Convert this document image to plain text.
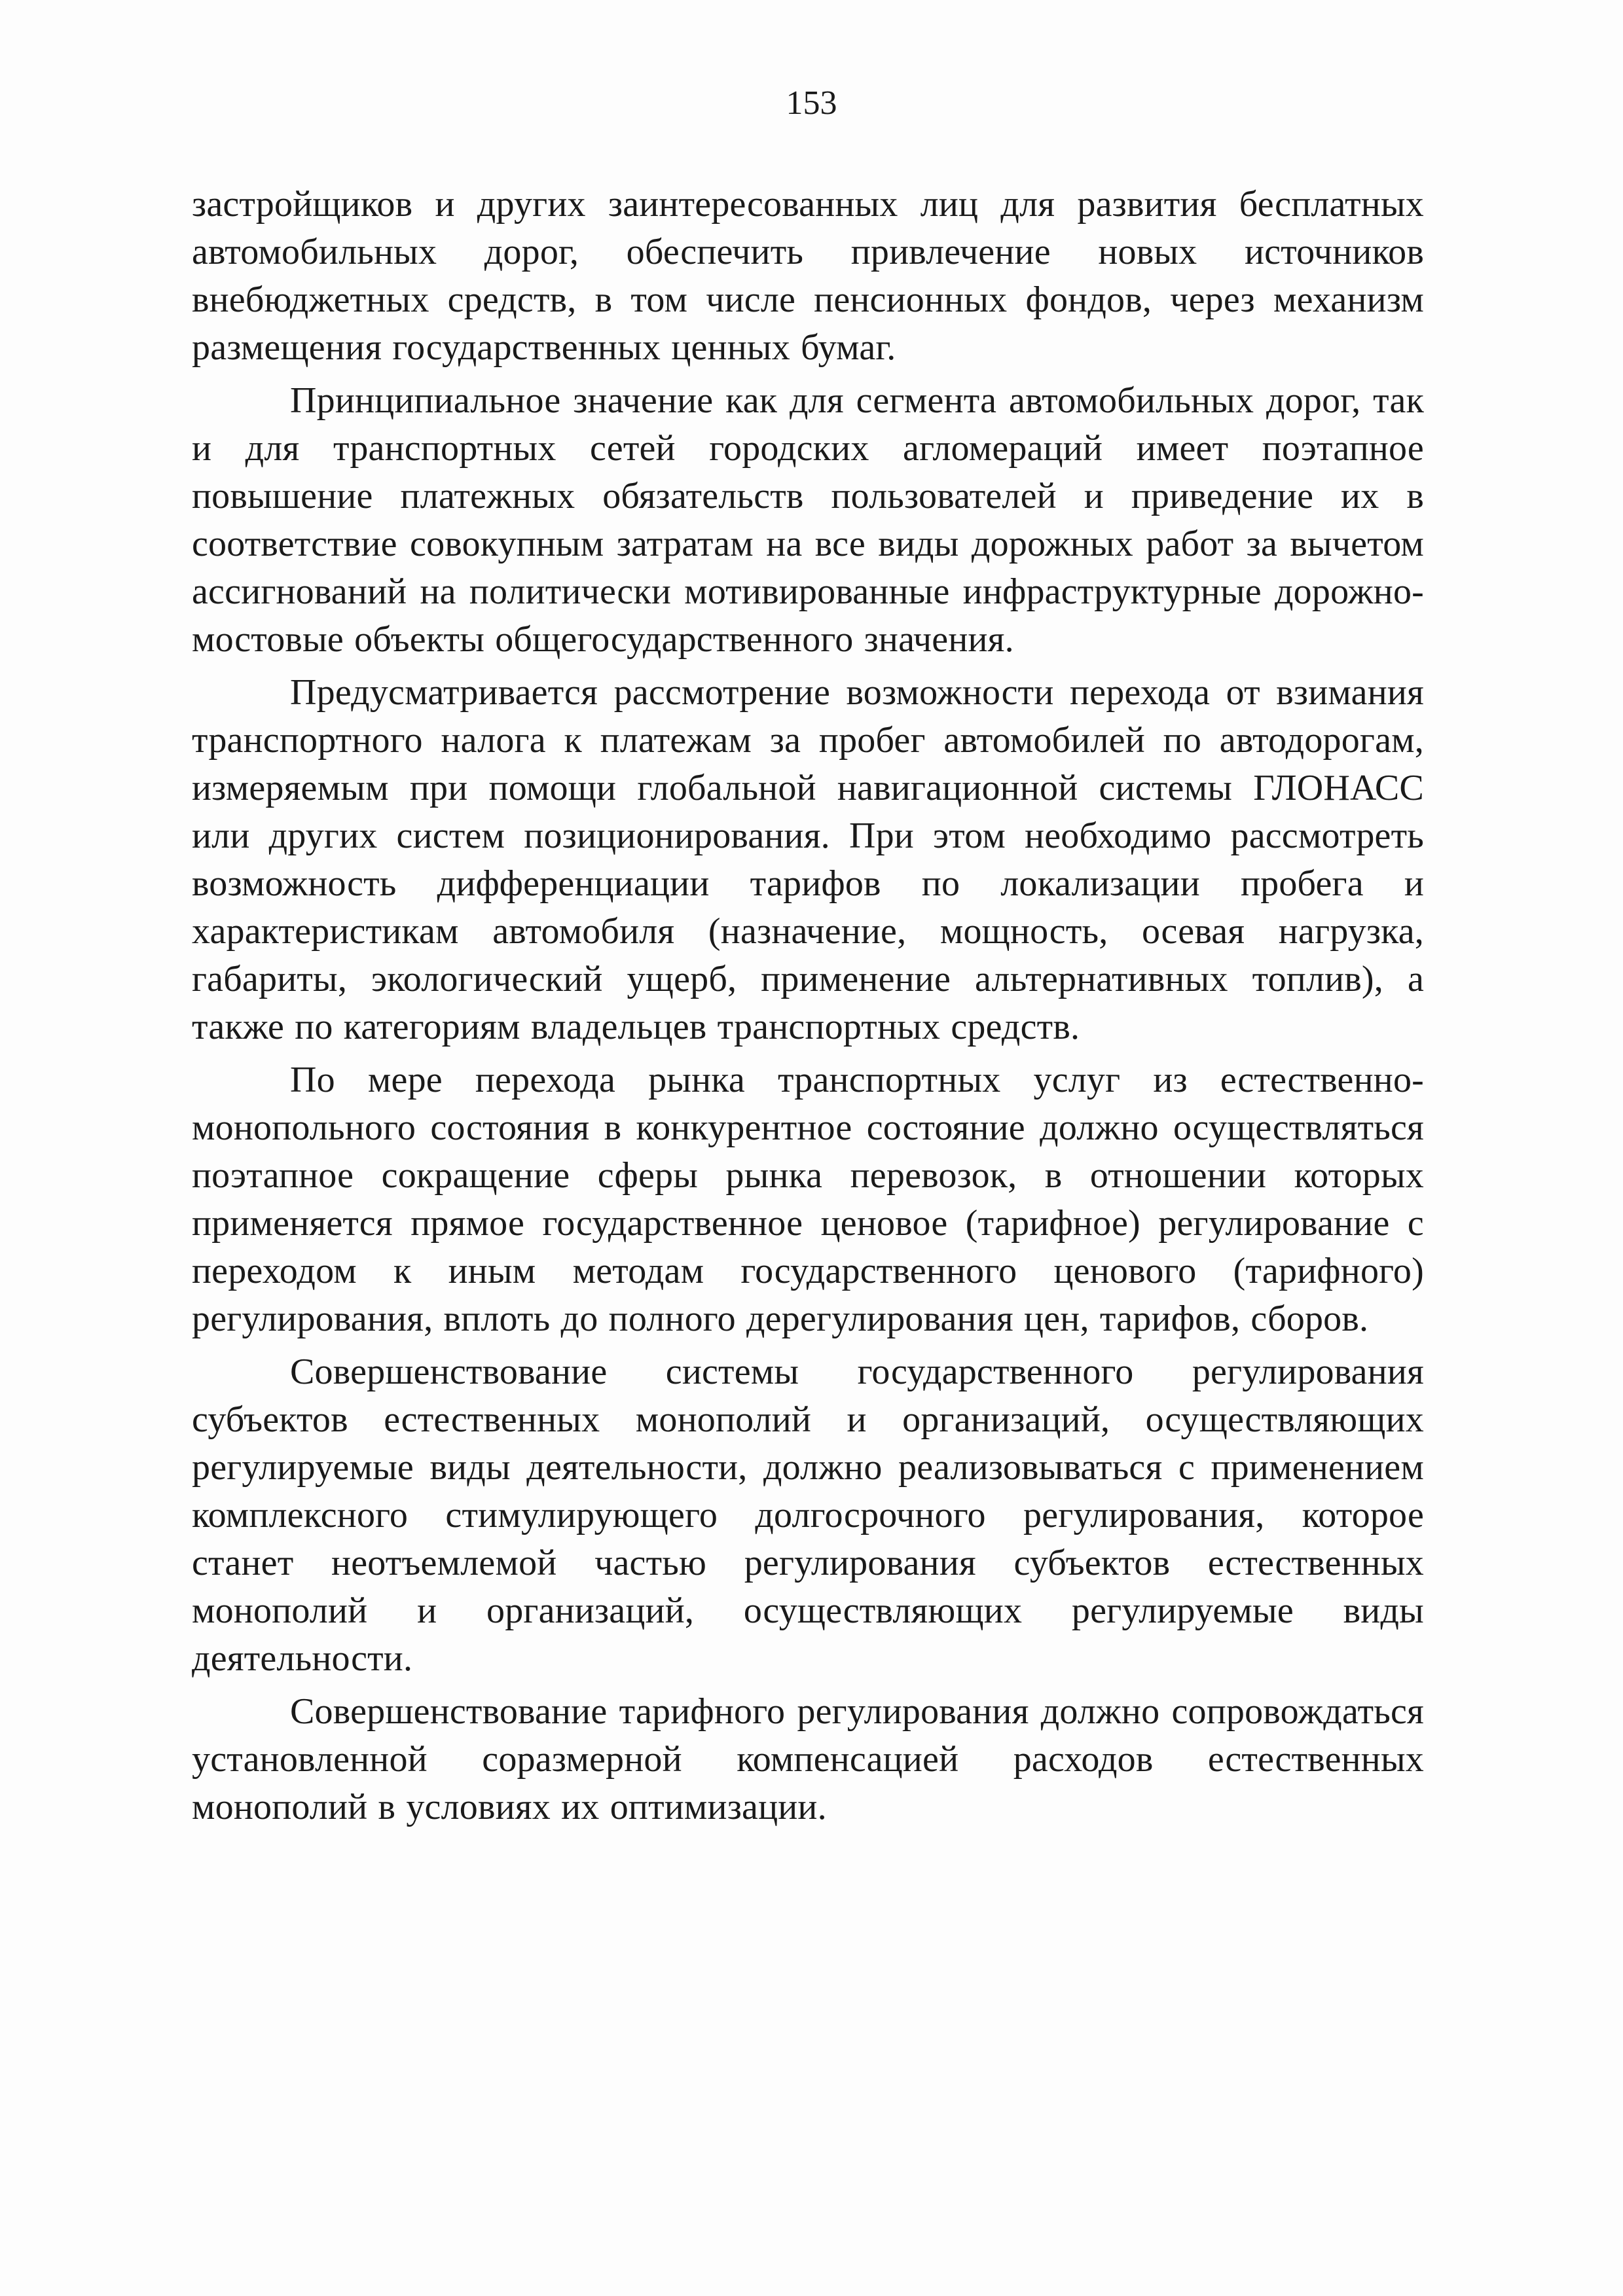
153

застройщиков и других заинтересованных лиц для развития бесплатных автомобильных дорог, обеспечить привлечение новых источников внебюджетных средств, в том числе пенсионных фондов, через механизм размещения государственных ценных бумаг.

Принципиальное значение как для сегмента автомобильных дорог, так и для транспортных сетей городских агломераций имеет поэтапное повышение платежных обязательств пользователей и приведение их в соответствие совокупным затратам на все виды дорожных работ за вычетом ассигнований на политически мотивированные инфраструктурные дорожно-мостовые объекты общегосударственного значения.

Предусматривается рассмотрение возможности перехода от взимания транспортного налога к платежам за пробег автомобилей по автодорогам, измеряемым при помощи глобальной навигационной системы ГЛОНАСС или других систем позиционирования. При этом необходимо рассмотреть возможность дифференциации тарифов по локализации пробега и характеристикам автомобиля (назначение, мощность, осевая нагрузка, габариты, экологический ущерб, применение альтернативных топлив), а также по категориям владельцев транспортных средств.

По мере перехода рынка транспортных услуг из естественно-монопольного состояния в конкурентное состояние должно осуществляться поэтапное сокращение сферы рынка перевозок, в отношении которых применяется прямое государственное ценовое (тарифное) регулирование с переходом к иным методам государственного ценового (тарифного) регулирования, вплоть до полного дерегулирования цен, тарифов, сборов.

Совершенствование системы государственного регулирования субъектов естественных монополий и организаций, осуществляющих регулируемые виды деятельности, должно реализовываться с применением комплексного стимулирующего долгосрочного регулирования, которое станет неотъемлемой частью регулирования субъектов естественных монополий и организаций, осуществляющих регулируемые виды деятельности.

Совершенствование тарифного регулирования должно сопровождаться установленной соразмерной компенсацией расходов естественных монополий в условиях их оптимизации.
